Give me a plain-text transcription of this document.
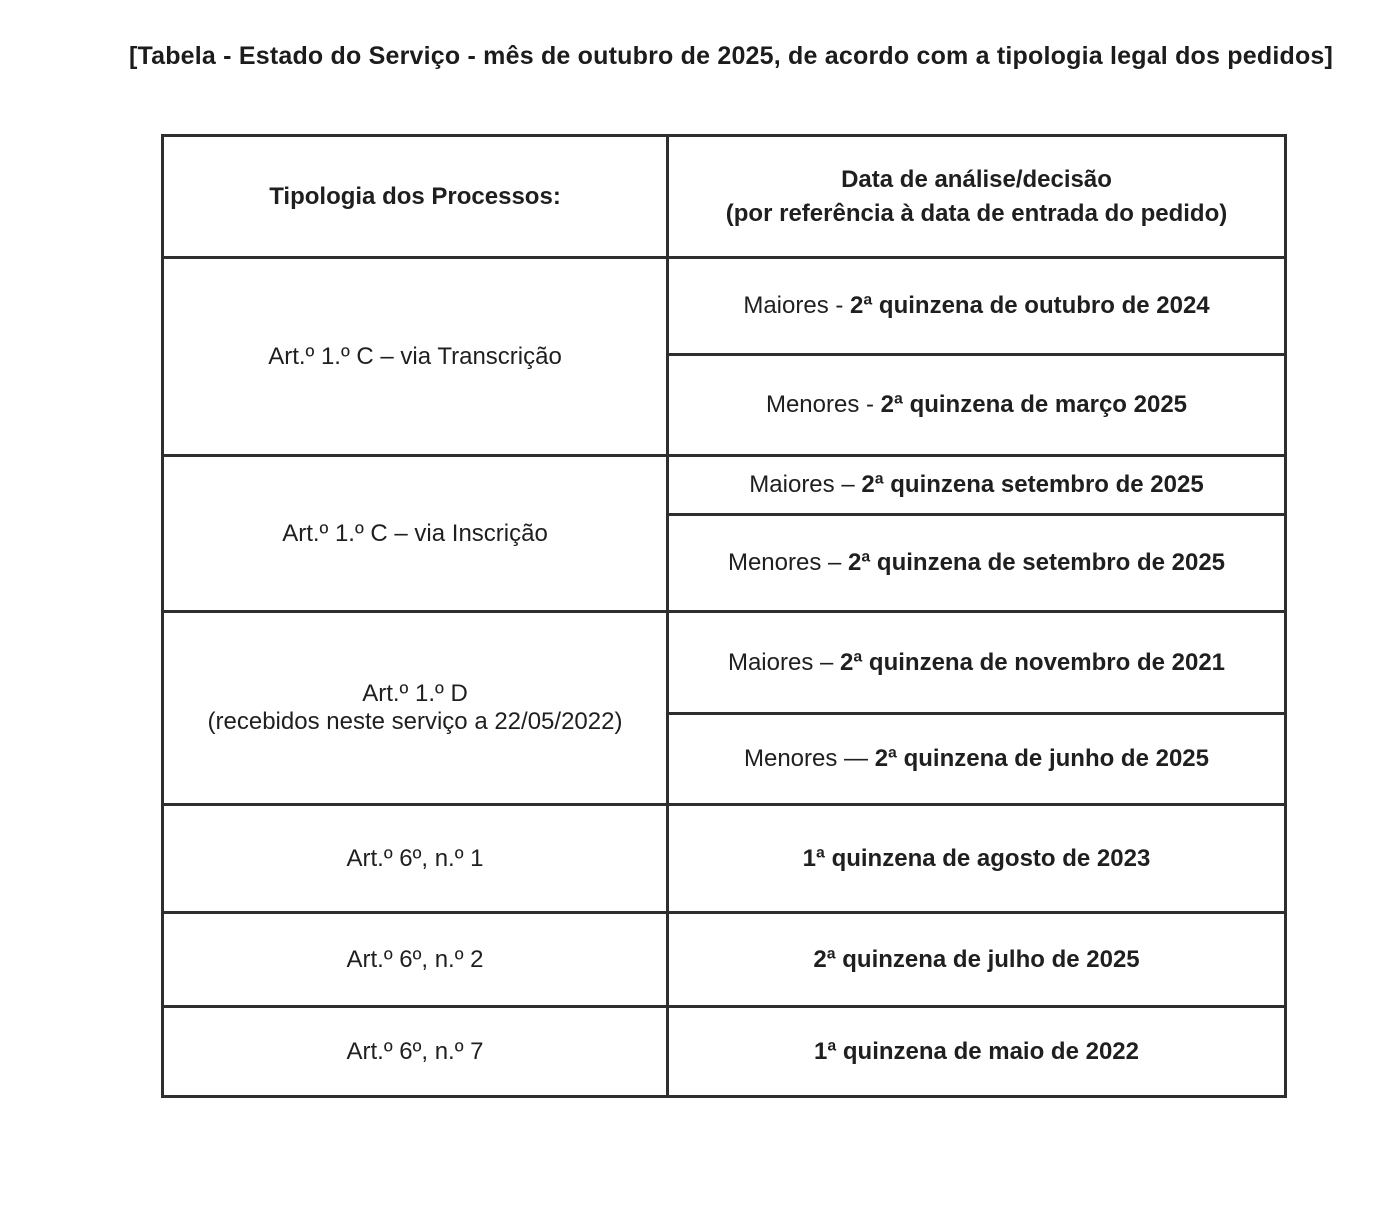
[Tabela - Estado do Serviço - mês de outubro de 2025, de acordo com a tipologia legal dos pedidos]
Tipologia dos Processos:	Data de análise/decisão
(por referência à data de entrada do pedido)

Art.º 1.º C – via Transcrição	Maiores - 2ª quinzena de outubro de 2024
	Menores - 2ª quinzena de março 2025
Art.º 1.º C – via Inscrição	Maiores – 2ª quinzena setembro de 2025
	Menores – 2ª quinzena de setembro de 2025

Art.º 1.º D
(recebidos neste serviço a 22/05/2022)	Maiores – 2ª quinzena de novembro de 2021
	Menores — 2ª quinzena de junho de 2025
Art.º 6º, n.º 1	1ª quinzena de agosto de 2023
Art.º 6º, n.º 2	2ª quinzena de julho de 2025
Art.º 6º, n.º 7	1ª quinzena de maio de 2022
